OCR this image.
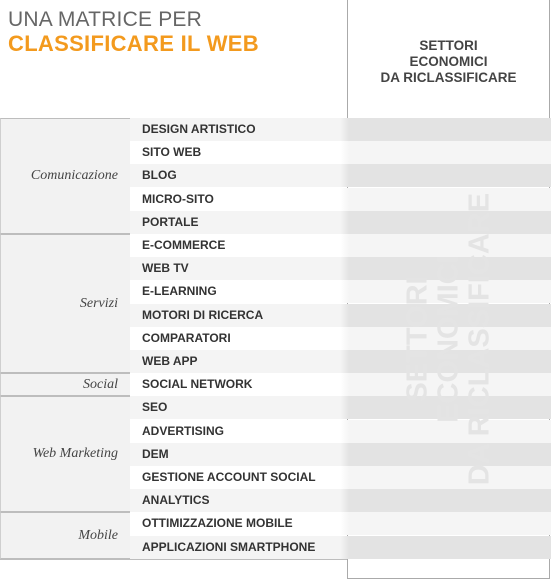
UNA MATRICE PER
CLASSIFICARE IL WEB	SETTORI
ECONOMICI
DA RICLASSIFICARE
Comunicazione
DESIGN ARTISTICO
SITO WEB
BLOG
MICRO-SITO
PORTALE
Servizi
E-COMMERCE
WEB TV
E-LEARNING
MOTORI DI RICERCA
COMPARATORI
WEB APP
Social SOCIAL NETWORK
Web Marketing
SEO
ADVERTISING
DEM
GESTIONE ACCOUNT SOCIAL
ANALYTICS
Mobile
OTTIMIZZAZIONE MOBILE
APPLICAZIONI SMARTPHONE
SETTORI ECONOMICI DA RICLASSIFICARE
